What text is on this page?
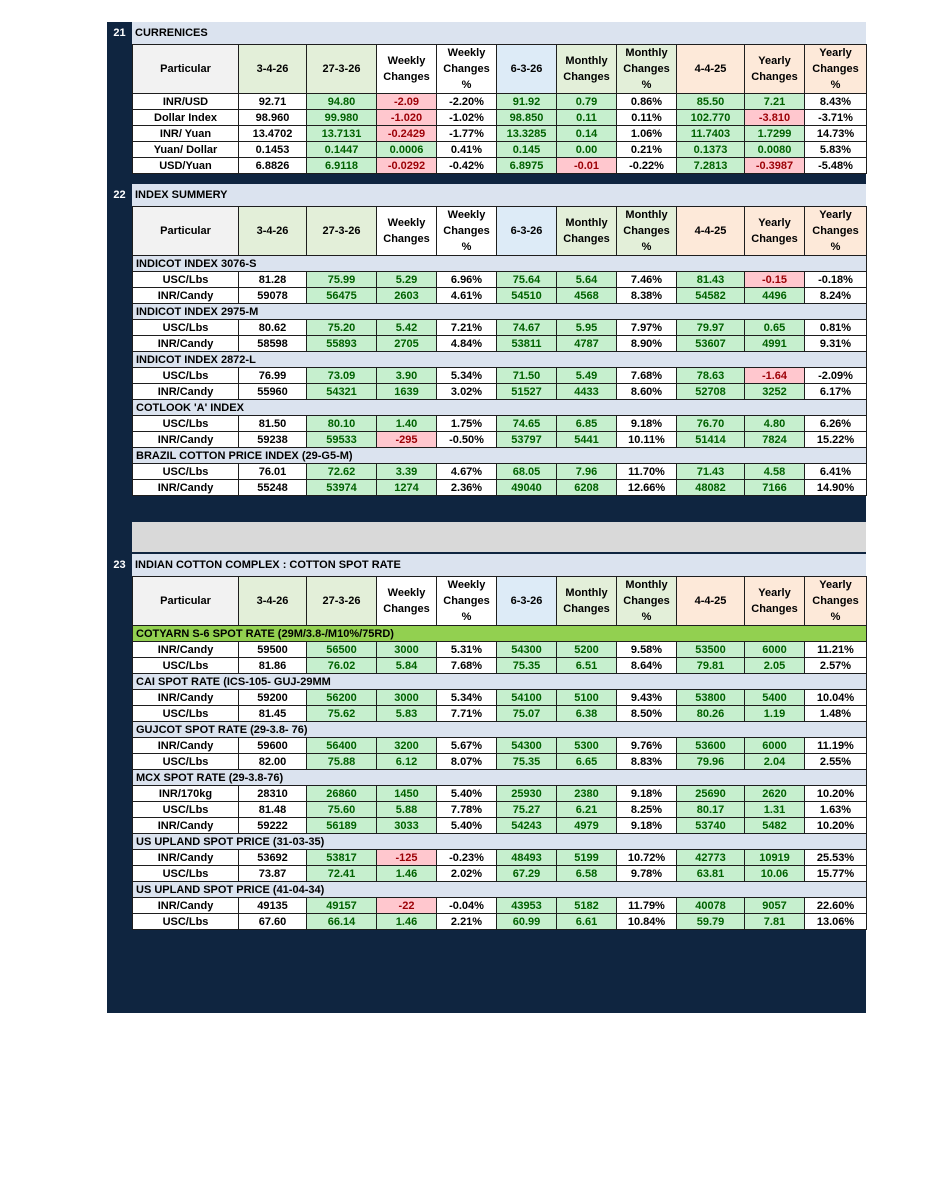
21 CURRENICES
Particular	3-4-26	27-3-26	Weekly Changes	Weekly Changes %	6-3-26	Monthly Changes	Monthly Changes %	4-4-25	Yearly Changes	Yearly Changes %
INR/USD	92.71	94.80	-2.09	-2.20%	91.92	0.79	0.86%	85.50	7.21	8.43%
Dollar Index	98.960	99.980	-1.020	-1.02%	98.850	0.11	0.11%	102.770	-3.810	-3.71%
INR/ Yuan	13.4702	13.7131	-0.2429	-1.77%	13.3285	0.14	1.06%	11.7403	1.7299	14.73%
Yuan/ Dollar	0.1453	0.1447	0.0006	0.41%	0.145	0.00	0.21%	0.1373	0.0080	5.83%
USD/Yuan	6.8826	6.9118	-0.0292	-0.42%	6.8975	-0.01	-0.22%	7.2813	-0.3987	-5.48%
22 INDEX SUMMERY
Particular	3-4-26	27-3-26	Weekly Changes	Weekly Changes %	6-3-26	Monthly Changes	Monthly Changes %	4-4-25	Yearly Changes	Yearly Changes %
INDICOT INDEX 3076-S										
USC/Lbs	81.28	75.99	5.29	6.96%	75.64	5.64	7.46%	81.43	-0.15	-0.18%
INR/Candy	59078	56475	2603	4.61%	54510	4568	8.38%	54582	4496	8.24%
INDICOT INDEX 2975-M										
USC/Lbs	80.62	75.20	5.42	7.21%	74.67	5.95	7.97%	79.97	0.65	0.81%
INR/Candy	58598	55893	2705	4.84%	53811	4787	8.90%	53607	4991	9.31%
INDICOT INDEX 2872-L										
USC/Lbs	76.99	73.09	3.90	5.34%	71.50	5.49	7.68%	78.63	-1.64	-2.09%
INR/Candy	55960	54321	1639	3.02%	51527	4433	8.60%	52708	3252	6.17%
COTLOOK 'A' INDEX										
USC/Lbs	81.50	80.10	1.40	1.75%	74.65	6.85	9.18%	76.70	4.80	6.26%
INR/Candy	59238	59533	-295	-0.50%	53797	5441	10.11%	51414	7824	15.22%
BRAZIL COTTON PRICE INDEX (29-G5-M)										
USC/Lbs	76.01	72.62	3.39	4.67%	68.05	7.96	11.70%	71.43	4.58	6.41%
INR/Candy	55248	53974	1274	2.36%	49040	6208	12.66%	48082	7166	14.90%
23 INDIAN COTTON COMPLEX : COTTON SPOT RATE
Particular	3-4-26	27-3-26	Weekly Changes	Weekly Changes %	6-3-26	Monthly Changes	Monthly Changes %	4-4-25	Yearly Changes	Yearly Changes %
COTYARN S-6 SPOT RATE (29M/3.8-/M10%/75RD)										
INR/Candy	59500	56500	3000	5.31%	54300	5200	9.58%	53500	6000	11.21%
USC/Lbs	81.86	76.02	5.84	7.68%	75.35	6.51	8.64%	79.81	2.05	2.57%
CAI SPOT RATE (ICS-105- GUJ-29MM										
INR/Candy	59200	56200	3000	5.34%	54100	5100	9.43%	53800	5400	10.04%
USC/Lbs	81.45	75.62	5.83	7.71%	75.07	6.38	8.50%	80.26	1.19	1.48%
GUJCOT SPOT RATE (29-3.8- 76)										
INR/Candy	59600	56400	3200	5.67%	54300	5300	9.76%	53600	6000	11.19%
USC/Lbs	82.00	75.88	6.12	8.07%	75.35	6.65	8.83%	79.96	2.04	2.55%
MCX SPOT RATE (29-3.8-76)										
INR/170kg	28310	26860	1450	5.40%	25930	2380	9.18%	25690	2620	10.20%
USC/Lbs	81.48	75.60	5.88	7.78%	75.27	6.21	8.25%	80.17	1.31	1.63%
INR/Candy	59222	56189	3033	5.40%	54243	4979	9.18%	53740	5482	10.20%
US UPLAND SPOT PRICE (31-03-35)										
INR/Candy	53692	53817	-125	-0.23%	48493	5199	10.72%	42773	10919	25.53%
USC/Lbs	73.87	72.41	1.46	2.02%	67.29	6.58	9.78%	63.81	10.06	15.77%
US UPLAND SPOT PRICE (41-04-34)										
INR/Candy	49135	49157	-22	-0.04%	43953	5182	11.79%	40078	9057	22.60%
USC/Lbs	67.60	66.14	1.46	2.21%	60.99	6.61	10.84%	59.79	7.81	13.06%
